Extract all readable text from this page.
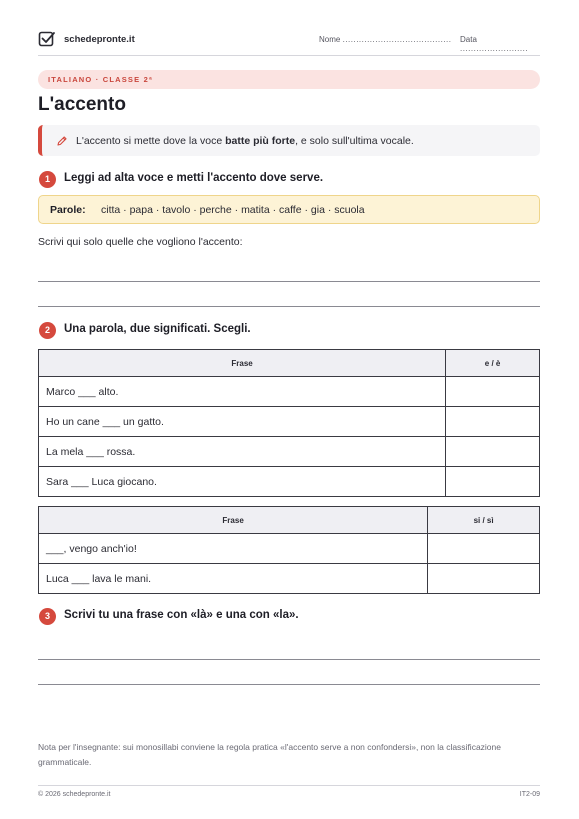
schedepronte.it	Nome ........................................ Data .........................
ITALIANO · CLASSE 2ª
L'accento
L'accento si mette dove la voce batte più forte, e solo sull'ultima vocale.
1	Leggi ad alta voce e metti l'accento dove serve.
Parole: citta · papa · tavolo · perche · matita · caffe · gia · scuola
Scrivi qui solo quelle che vogliono l'accento:
2	Una parola, due significati. Scegli.
Frase	e / è
Marco ___ alto.	
Ho un cane ___ un gatto.	
La mela ___ rossa.	
Sara ___ Luca giocano.	
Frase	si / sì
___, vengo anch'io!	
Luca ___ lava le mani.	
3	Scrivi tu una frase con «là» e una con «la».
Nota per l'insegnante: sui monosillabi conviene la regola pratica «l'accento serve a non confondersi», non la classificazione grammaticale.
© 2026 schedepronte.it	IT2-09
